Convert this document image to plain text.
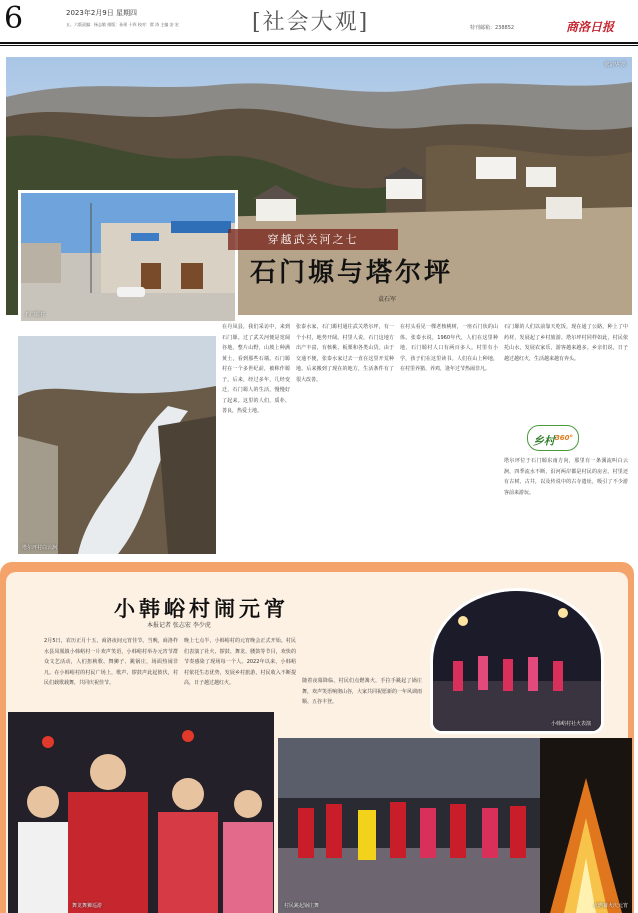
6	2023年2月9日 星期四
五、六版责编：杨志敏 排版：孙瑶 十四 校对：翟 涛 主编 安 宏	[社会大观]	特刊邮箱：238852	商洛日报
张宗华 摄
石门塬村
穿越武关河之七
石门塬与塔尔坪
袁石军
塔尔坪村白云涧
在丹凤县，我们采访中，来到石门塬。过了武关河便是宽阔谷地。整片山野，山坡上种满黄土，看到那些石墙。石门塬村在一个多世纪前，被称作塬子，后来，经过多年，几经变迁，石门塬人的生活，慢慢好了起来。这里的人们，质朴、善良，热爱土地。
张泰水家，石门塬村通往武关塔尔坪，有一个小村，地势开阔。村里人说，石门这地方出产丰富，有核桃、板栗和各类山货。由于交通不便，张泰水家过去一直在这里开荒种地。后来搬到了现在的地方，生活条件有了很大改善。
在村头看见一棵老核桃树，一座石门状的山体。张泰水说，1960年代，人们在这里种地，石门塬村人口有两百多人。村里有小学，孩子们在这里读书。人们在山上种地，在村里养猪、养鸡，逢年过节热闹非凡。
石门塬的人们以前靠天吃饭，现在通了公路，种上了中药材，发展起了乡村旅游。塔尔坪村同样如此，村民依托山水，发展农家乐，游客越来越多。乡亲们说，日子越过越红火，生活越来越有奔头。
塔尔坪位于石门塬东南方向，那里有一条溪流叫白云涧，四季流水不断，沿河两岸都是村民的房舍。村里还有古树、古井，以及传说中的古寺遗址，吸引了不少游客前来游玩。
乡村$^{360^\circ}$
小韩峪村闹元宵
本报记者 张志宏 李少虎
小韩峪村社火表演
2月5日，农历正月十五，商洛夜间元宵佳节。当晚，商洛柞水县凤凰镇小韩峪村一片欢声笑语，小韩峪村举办元宵节群众文艺活动，人们扭秧歌、舞狮子、跳锅庄，场面热闹非凡。在小韩峪村的村民广场上，歌声、锣鼓声此起彼伏，村民们载歌载舞，共同庆祝佳节。
晚上七点半，小韩峪村的元宵晚会正式开始。村民们表演了社火、锣鼓、舞龙、腰鼓等节目，欢快的节奏感染了现场每一个人。2022年以来，小韩峪村依托生态优势，发展乡村旅游，村民收入不断提高，日子越过越红火。	随着夜幕降临，村民们点燃篝火，手拉手跳起了锅庄舞，欢声笑语响彻山谷，大家共同祝愿新的一年风调雨顺、五谷丰登。
舞龙舞狮巡游	村民跳起锅庄舞	点燃篝火庆元宵
